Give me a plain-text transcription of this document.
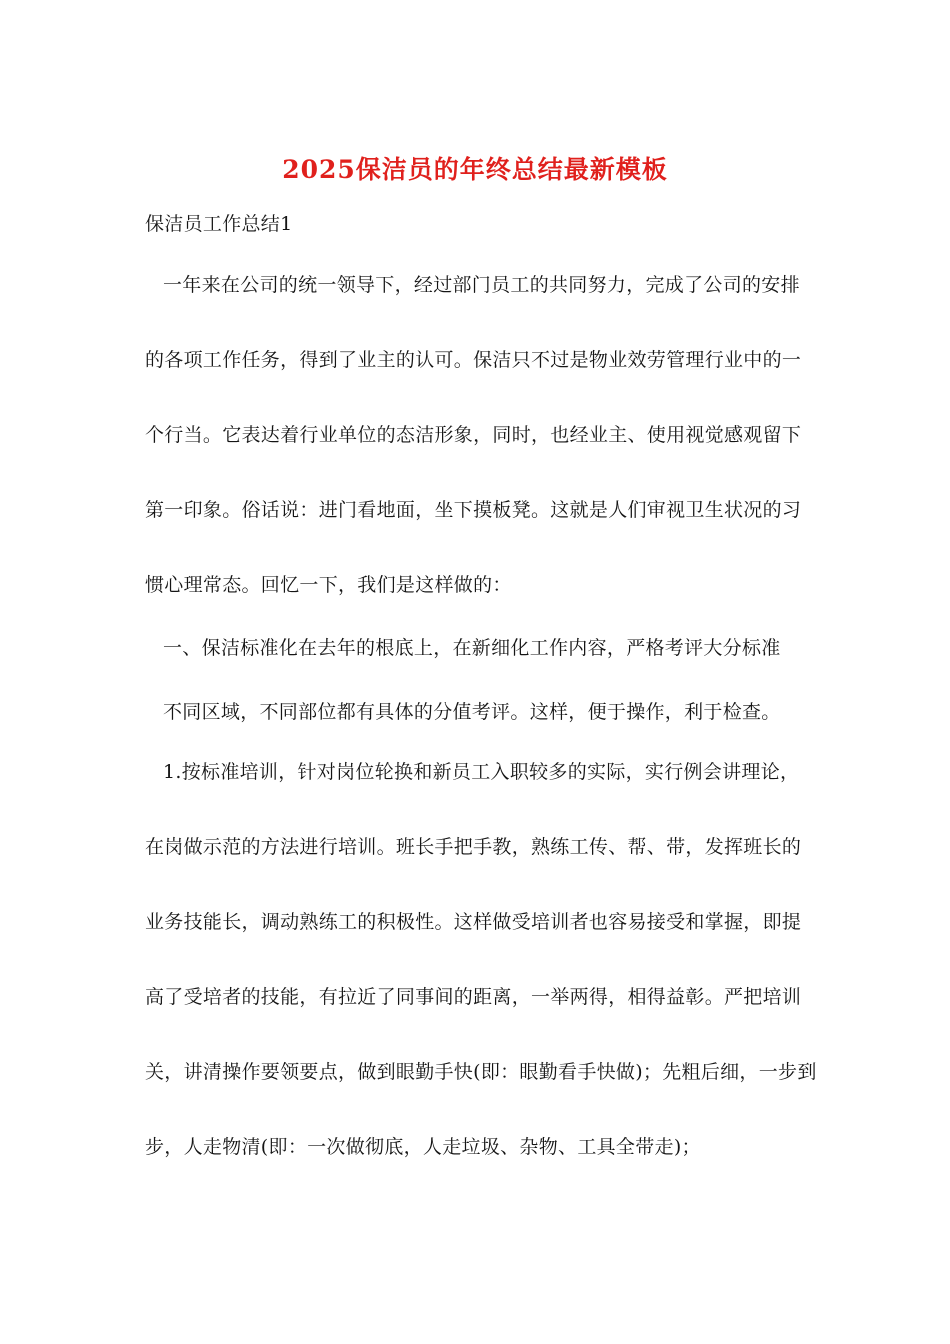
2025保洁员的年终总结最新模板
保洁员工作总结1
一年来在公司的统一领导下，经过部门员工的共同努力，完成了公司的安排
的各项工作任务，得到了业主的认可。保洁只不过是物业效劳管理行业中的一
个行当。它表达着行业单位的态洁形象，同时，也经业主、使用视觉感观留下
第一印象。俗话说：进门看地面，坐下摸板凳。这就是人们审视卫生状况的习
惯心理常态。回忆一下，我们是这样做的：
一、保洁标准化在去年的根底上，在新细化工作内容，严格考评大分标准
不同区域，不同部位都有具体的分值考评。这样，便于操作，利于检查。
1.按标准培训，针对岗位轮换和新员工入职较多的实际，实行例会讲理论，
在岗做示范的方法进行培训。班长手把手教，熟练工传、帮、带，发挥班长的
业务技能长，调动熟练工的积极性。这样做受培训者也容易接受和掌握，即提
高了受培者的技能，有拉近了同事间的距离，一举两得，相得益彰。严把培训
关，讲清操作要领要点，做到眼勤手快(即：眼勤看手快做)；先粗后细，一步到
步，人走物清(即：一次做彻底，人走垃圾、杂物、工具全带走)；
